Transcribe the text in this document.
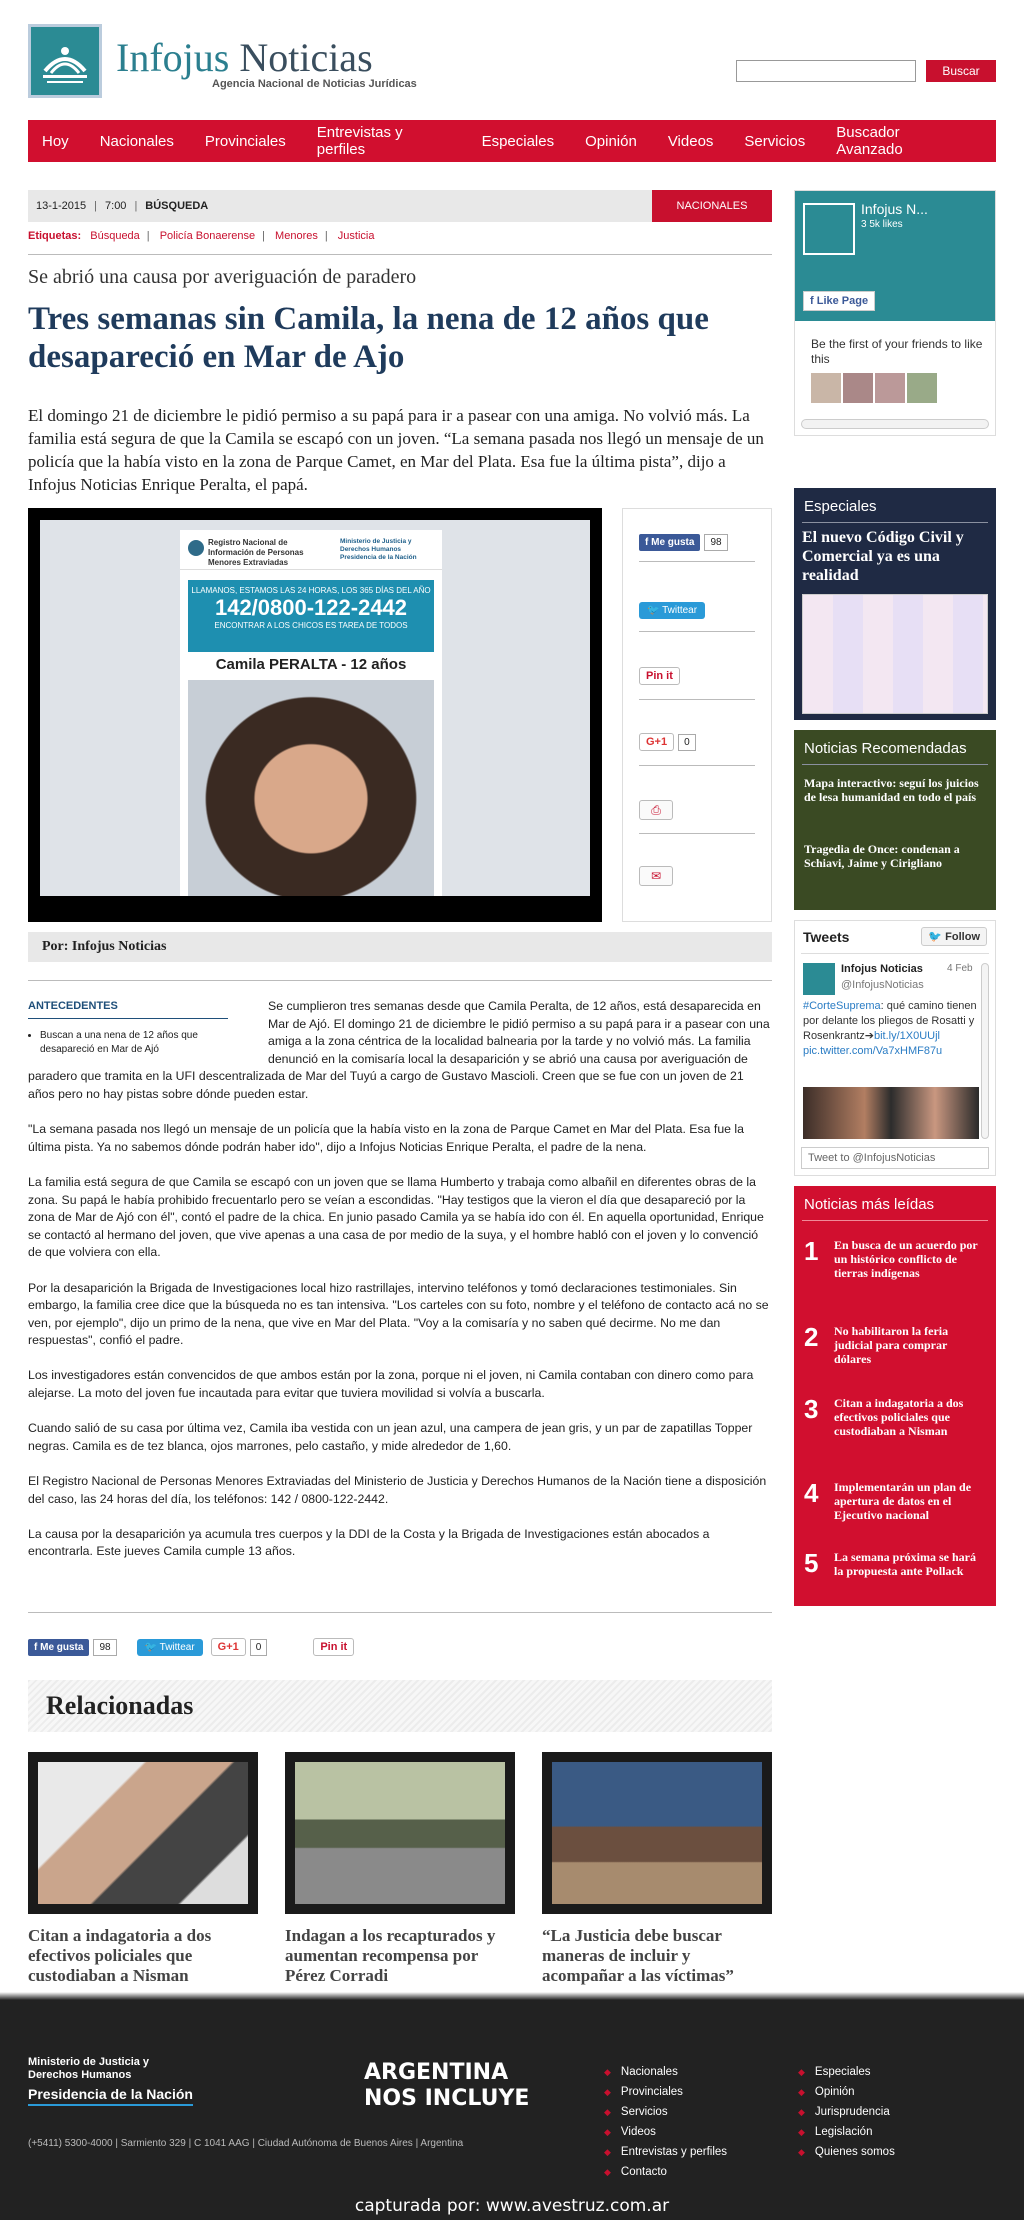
Infojus Noticias
Agencia Nacional de Noticias Jurídicas
Buscar
Hoy Nacionales Provinciales Entrevistas y perfiles	Especiales Opinión Videos Servicios Buscador Avanzado
13-1-2015 | 7:00 | BÚSQUEDA	NACIONALES
Etiquetas: Búsqueda | Policía Bonaerense | Menores | Justicia
Se abrió una causa por averiguación de paradero
Tres semanas sin Camila, la nena de 12 años que desapareció en Mar de Ajo
El domingo 21 de diciembre le pidió permiso a su papá para ir a pasear con una amiga. No volvió más. La familia está segura de que la Camila se escapó con un joven. “La semana pasada nos llegó un mensaje de un policía que la había visto en la zona de Parque Camet, en Mar del Plata. Esa fue la última pista”, dijo a Infojus Noticias Enrique Peralta, el papá.
Registro Nacional de Información de Personas Menores Extraviadas
Ministerio de Justicia y Derechos Humanos Presidencia de la Nación
LLAMANOS, ESTAMOS LAS 24 HORAS, LOS 365 DÍAS DEL AÑO
142/0800-122-2442
ENCONTRAR A LOS CHICOS ES TAREA DE TODOS
Camila PERALTA - 12 años
f Me gusta	98
🐦 Twittear
Pin it
G+1	0
⎙
✉
Por: Infojus Noticias

Se cumplieron tres semanas desde que Camila Peralta, de 12 años, está desaparecida en Mar de Ajó. El domingo 21 de diciembre le pidió permiso a su papá para ir a pasear con una amiga a la zona céntrica de la localidad balnearia por la tarde y no volvió más. La familia denunció en la comisaría local la desaparición y se abrió una causa por averiguación de paradero que tramita en la UFI descentralizada de Mar del Tuyú a cargo de Gustavo Mascioli. Creen que se fue con un joven de 21 años pero no hay pistas sobre dónde pueden estar.

"La semana pasada nos llegó un mensaje de un policía que la había visto en la zona de Parque Camet en Mar del Plata. Esa fue la última pista. Ya no sabemos dónde podrán haber ido", dijo a Infojus Noticias Enrique Peralta, el padre de la nena.

La familia está segura de que Camila se escapó con un joven que se llama Humberto y trabaja como albañil en diferentes obras de la zona. Su papá le había prohibido frecuentarlo pero se veían a escondidas. "Hay testigos que la vieron el día que desapareció por la zona de Mar de Ajó con él", contó el padre de la chica. En junio pasado Camila ya se había ido con él. En aquella oportunidad, Enrique se contactó al hermano del joven, que vive apenas a una casa de por medio de la suya, y el hombre habló con el joven y lo convenció de que volviera con ella.

Por la desaparición la Brigada de Investigaciones local hizo rastrillajes, intervino teléfonos y tomó declaraciones testimoniales. Sin embargo, la familia cree dice que la búsqueda no es tan intensiva. "Los carteles con su foto, nombre y el teléfono de contacto acá no se ven, por ejemplo", dijo un primo de la nena, que vive en Mar del Plata. "Voy a la comisaría y no saben qué decirme. No me dan respuestas", confió el padre.

Los investigadores están convencidos de que ambos están por la zona, porque ni el joven, ni Camila contaban con dinero como para alejarse. La moto del joven fue incautada para evitar que tuviera movilidad si volvía a buscarla.

Cuando salió de su casa por última vez, Camila iba vestida con un jean azul, una campera de jean gris, y un par de zapatillas Topper negras. Camila es de tez blanca, ojos marrones, pelo castaño, y mide alrededor de 1,60.

El Registro Nacional de Personas Menores Extraviadas del Ministerio de Justicia y Derechos Humanos de la Nación tiene a disposición del caso, las 24 horas del día, los teléfonos: 142 / 0800-122-2442.

La causa por la desaparición ya acumula tres cuerpos y la DDI de la Costa y la Brigada de Investigaciones están abocados a encontrarla. Este jueves Camila cumple 13 años.

ANTECEDENTES
• Buscan a una nena de 12 años que desapareció en Mar de Ajó
f Me gusta	98	🐦 Twittear	G+1	0	Pin it
Relacionadas
Citan a indagatoria a dos efectivos policiales que custodiaban a Nisman
Indagan a los recapturados y aumentan recompensa por Pérez Corradi
“La Justicia debe buscar maneras de incluir y acompañar a las víctimas”
Infojus N...
3 5k likes
f Like Page
Be the first of your friends to like this
Especiales
El nuevo Código Civil y Comercial ya es una realidad
Noticias Recomendadas
Mapa interactivo: seguí los juicios de lesa humanidad en todo el país
Tragedia de Once: condenan a Schiavi, Jaime y Cirigliano
Tweets	🐦 Follow
Infojus Noticias
@InfojusNoticias
4 Feb
#CorteSuprema: qué camino tienen por delante los pliegos de Rosatti y Rosenkrantz➔bit.ly/1X0UUjl pic.twitter.com/Va7xHMF87u
Tweet to @InfojusNoticias
Noticias más leídas
1 En busca de un acuerdo por un histórico conflicto de tierras indígenas
2 No habilitaron la feria judicial para comprar dólares
3 Citan a indagatoria a dos efectivos policiales que custodiaban a Nisman
4 Implementarán un plan de apertura de datos en el Ejecutivo nacional
5 La semana próxima se hará la propuesta ante Pollack
Ministerio de Justicia y Derechos Humanos
Presidencia de la Nación
ARGENTINA
NOS INCLUYE
(+5411) 5300-4000 | Sarmiento 329 | C 1041 AAG | Ciudad Autónoma de Buenos Aires | Argentina
◆ Nacionales
◆ Provinciales
◆ Servicios
◆ Videos
◆ Entrevistas y perfiles
◆ Contacto
◆ Especiales
◆ Opinión
◆ Jurisprudencia
◆ Legislación
◆ Quienes somos
capturada por: www.avestruz.com.ar
